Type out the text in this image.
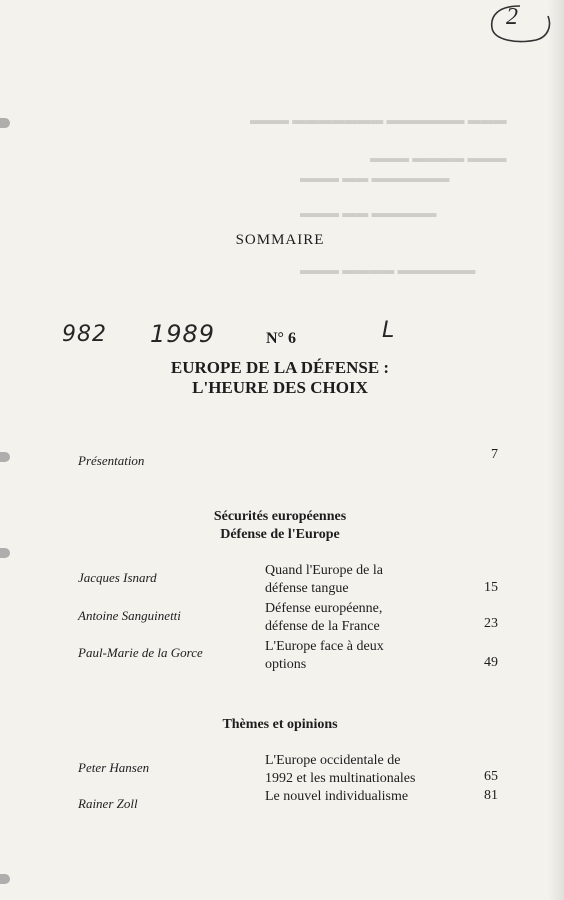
▬▬▬ ▬▬▬▬▬▬▬ ▬▬▬▬▬▬ ▬▬▬
▬▬▬ ▬▬▬▬ ▬▬▬
▬▬▬ ▬▬ ▬▬▬▬▬▬
▬▬▬ ▬▬ ▬▬▬▬▬
▬▬▬ ▬▬▬▬ ▬▬▬▬▬▬
2
SOMMAIRE
982 1989	N° 6	L
EUROPE DE LA DÉFENSE :
L'HEURE DES CHOIX
Présentation	7
Sécurités européennes
Défense de l'Europe
Jacques Isnard	Quand l'Europe de la
défense tangue	15
Antoine Sanguinetti	Défense européenne,
défense de la France	23
Paul-Marie de la Gorce	L'Europe face à deux
options	49
Thèmes et opinions
Peter Hansen	L'Europe occidentale de
1992 et les multinationales	65
Rainer Zoll	Le nouvel individualisme	81
